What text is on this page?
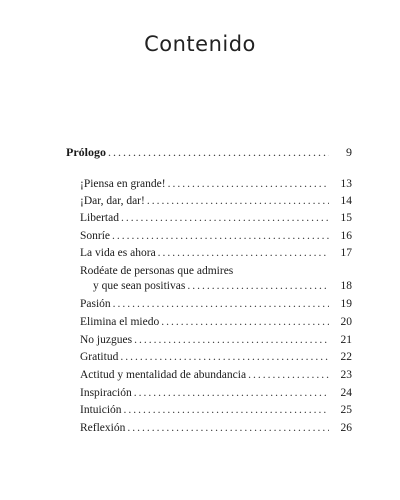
Contenido
Prólogo .....	9
¡Piensa en grande! .....	13
¡Dar, dar, dar! .....	14
Libertad .....	15
Sonríe .....	16
La vida es ahora .....	17
Rodéate de personas que admires
y que sean positivas .....	18
Pasión .....	19
Elimina el miedo .....	20
No juzgues .....	21
Gratitud .....	22
Actitud y mentalidad de abundancia .....	23
Inspiración .....	24
Intuición .....	25
Reflexión .....	26
